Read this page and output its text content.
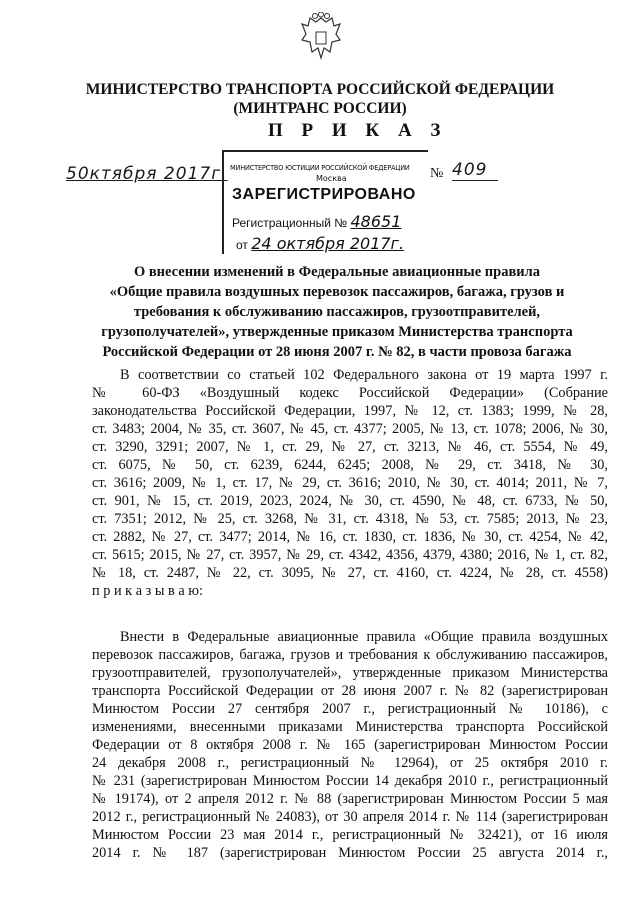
МИНИСТЕРСТВО ТРАНСПОРТА РОССИЙСКОЙ ФЕДЕРАЦИИ
(МИНТРАНС РОССИИ)
П Р И К А З
50ктября 2017г.	№ 409
МИНИСТЕРСТВО ЮСТИЦИИ РОССИЙСКОЙ ФЕДЕРАЦИИ
Москва
ЗАРЕГИСТРИРОВАНО
Регистрационный № 48651
от 24 октября 2017г.
О внесении изменений в Федеральные авиационные правила
«Общие правила воздушных перевозок пассажиров, багажа, грузов и
требования к обслуживанию пассажиров, грузоотправителей,
грузополучателей», утвержденные приказом Министерства транспорта
Российской Федерации от 28 июня 2007 г. № 82, в части провоза багажа
В соответствии со статьей 102 Федерального закона от 19 марта 1997 г.
№ 60-ФЗ «Воздушный кодекс Российской Федерации» (Собрание
законодательства Российской Федерации, 1997, № 12, ст. 1383; 1999, № 28,
ст. 3483; 2004, № 35, ст. 3607, № 45, ст. 4377; 2005, № 13, ст. 1078; 2006, № 30,
ст. 3290, 3291; 2007, № 1, ст. 29, № 27, ст. 3213, № 46, ст. 5554, № 49,
ст. 6075, № 50, ст. 6239, 6244, 6245; 2008, № 29, ст. 3418, № 30,
ст. 3616; 2009, № 1, ст. 17, № 29, ст. 3616; 2010, № 30, ст. 4014; 2011, № 7,
ст. 901, № 15, ст. 2019, 2023, 2024, № 30, ст. 4590, № 48, ст. 6733, № 50,
ст. 7351; 2012, № 25, ст. 3268, № 31, ст. 4318, № 53, ст. 7585; 2013, № 23,
ст. 2882, № 27, ст. 3477; 2014, № 16, ст. 1830, ст. 1836, № 30, ст. 4254, № 42,
ст. 5615; 2015, № 27, ст. 3957, № 29, ст. 4342, 4356, 4379, 4380; 2016, № 1, ст. 82,
№ 18, ст. 2487, № 22, ст. 3095, № 27, ст. 4160, ст. 4224, № 28, ст. 4558)
п р и к а з ы в а ю:
Внести в Федеральные авиационные правила «Общие правила воздушных
перевозок пассажиров, багажа, грузов и требования к обслуживанию пассажиров,
грузоотправителей, грузополучателей», утвержденные приказом Министерства
транспорта Российской Федерации от 28 июня 2007 г. № 82 (зарегистрирован
Минюстом России 27 сентября 2007 г., регистрационный № 10186), с
изменениями, внесенными приказами Министерства транспорта Российской
Федерации от 8 октября 2008 г. № 165 (зарегистрирован Минюстом России
24 декабря 2008 г., регистрационный № 12964), от 25 октября 2010 г.
№ 231 (зарегистрирован Минюстом России 14 декабря 2010 г., регистрационный
№ 19174), от 2 апреля 2012 г. № 88 (зарегистрирован Минюстом России 5 мая
2012 г., регистрационный № 24083), от 30 апреля 2014 г. № 114 (зарегистрирован
Минюстом России 23 мая 2014 г., регистрационный № 32421), от 16 июля
2014 г. № 187 (зарегистрирован Минюстом России 25 августа 2014 г.,
